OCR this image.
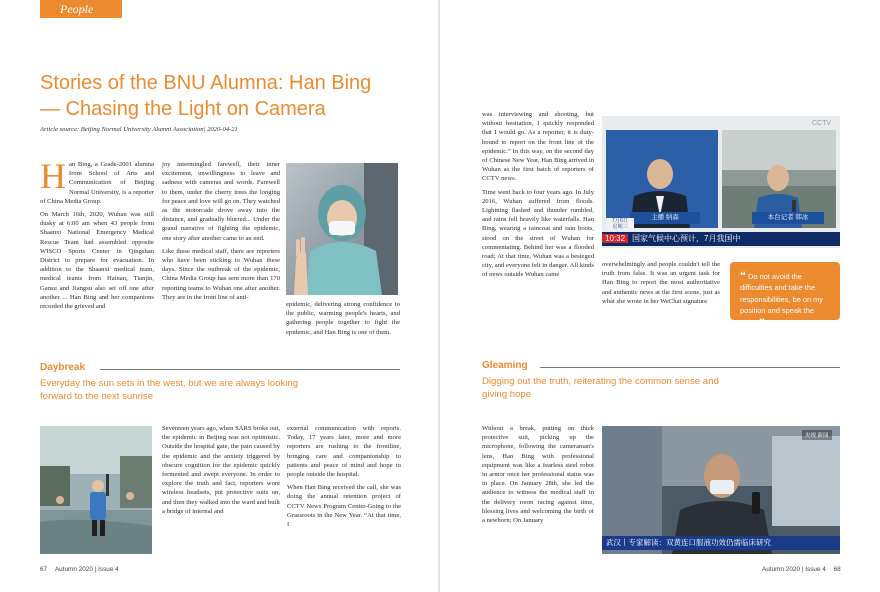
People
Stories of the BNU Alumna: Han Bing
— Chasing the Light on Camera
Article source: Beijing Normal University Alumni Association| 2020-04-21

H an Bing, a Grade-2001 alumna from School of Arts and Communication of Beijing Normal University, is a reporter of China Media Group.

On March 16th, 2020, Wuhan was still dusky at 6:00 am when 43 people from Shaanxi National Emergency Medical Rescue Team had assembled opposite WISCO Sports Center in Qingshan District to prepare for evacuation. In addition to the Shaanxi medical team, medical teams from Hainan, Tianjin, Gansu and Jiangsu also set off one after another ... Han Bing and her companions recorded the grieved and

joy intermingled farewell, their inner excitement, unwillingness to leave and sadness with cameras and words. Farewell to them, under the cherry trees the longing for peace and love will go on. They watched as the motorcade drove away into the distance, and gradually blurred... Under the grand narrative of fighting the epidemic, one story after another came to an end.

Like these medical staff, there are reporters who have been sticking to Wuhan these days. Since the outbreak of the epidemic, China Media Group has sent more than 170 reporting teams to Wuhan one after another. They are in the front line of anti-

epidemic, delivering strong confidence to the public, warming people's hearts, and gathering people together to fight the epidemic, and Han Bing is one of them.

Daybreak
Everyday the sun sets in the west, but we are always looking forward to the next sunrise

Seventeen years ago, when SARS broke out, the epidemic in Beijing was not optimistic. Outside the hospital gate, the pain caused by the epidemic and the anxiety triggered by obscure cognition for the epidemic quickly fermented and swept everyone. In order to explore the truth and fact, reporters wore wireless headsets, put protective suits on, and then they walked into the ward and built a bridge of internal and

external communication with reports. Today, 17 years later, more and more reporters are rushing to the frontline, bringing care and companionship to patients and peace of mind and hope to people outside the hospital.

When Han Bing received the call, she was doing the annual retention project of CCTV News Program Center-Going to the Grassroots in the New Year. “At that time, I

67 Autumn 2020 | Issue 4

was interviewing and shooting, but without hesitation, I quickly responded that I would go. As a reporter, it is duty-bound to report on the front line of the epidemic.” In this way, on the second day of Chinese New Year, Han Bing arrived in Wuhan as the first batch of reporters of CCTV news.

Time went back to four years ago. In July 2016, Wuhan suffered from floods. Lightning flashed and thunder rumbled, and rains fell heavily like waterfalls. Han Bing, wearing a raincoat and rain boots, stood on the street of Wuhan for commentating. Behind her was a flooded road; At that time, Wuhan was a besieged city, and everyone felt in danger. All kinds of news outside Wuhan came

CCTV
主播 纳森	本台记者 韩冰
7月6日
星期三
10:32 国家气候中心预计，7月我国中

overwhelmingly and people couldn't tell the truth from false. It was an urgent task for Han Bing to report the most authoritative and authentic news at the first scene, just as what she wrote in her WeChat signature

“ Do not avoid the difficulties and take the responsibilities, be on my position and speak the truth. ”
Gleaming
Digging out the truth, reiterating the common sense and giving hope

Without a break, putting on thick protective suit, picking up the microphone, following the cameraman's lens, Han Bing with professional equipment was like a fearless steel robot in armor once her professional status was in place. On January 28th, she led the audience to witness the medical staff in the delivery room racing against time, blessing lives and welcoming the birth of a newborn; On January

央视 新闻
武汉丨专家解读：双黄连口服液功效仍需临床研究
Autumn 2020 | Issue 4 68
